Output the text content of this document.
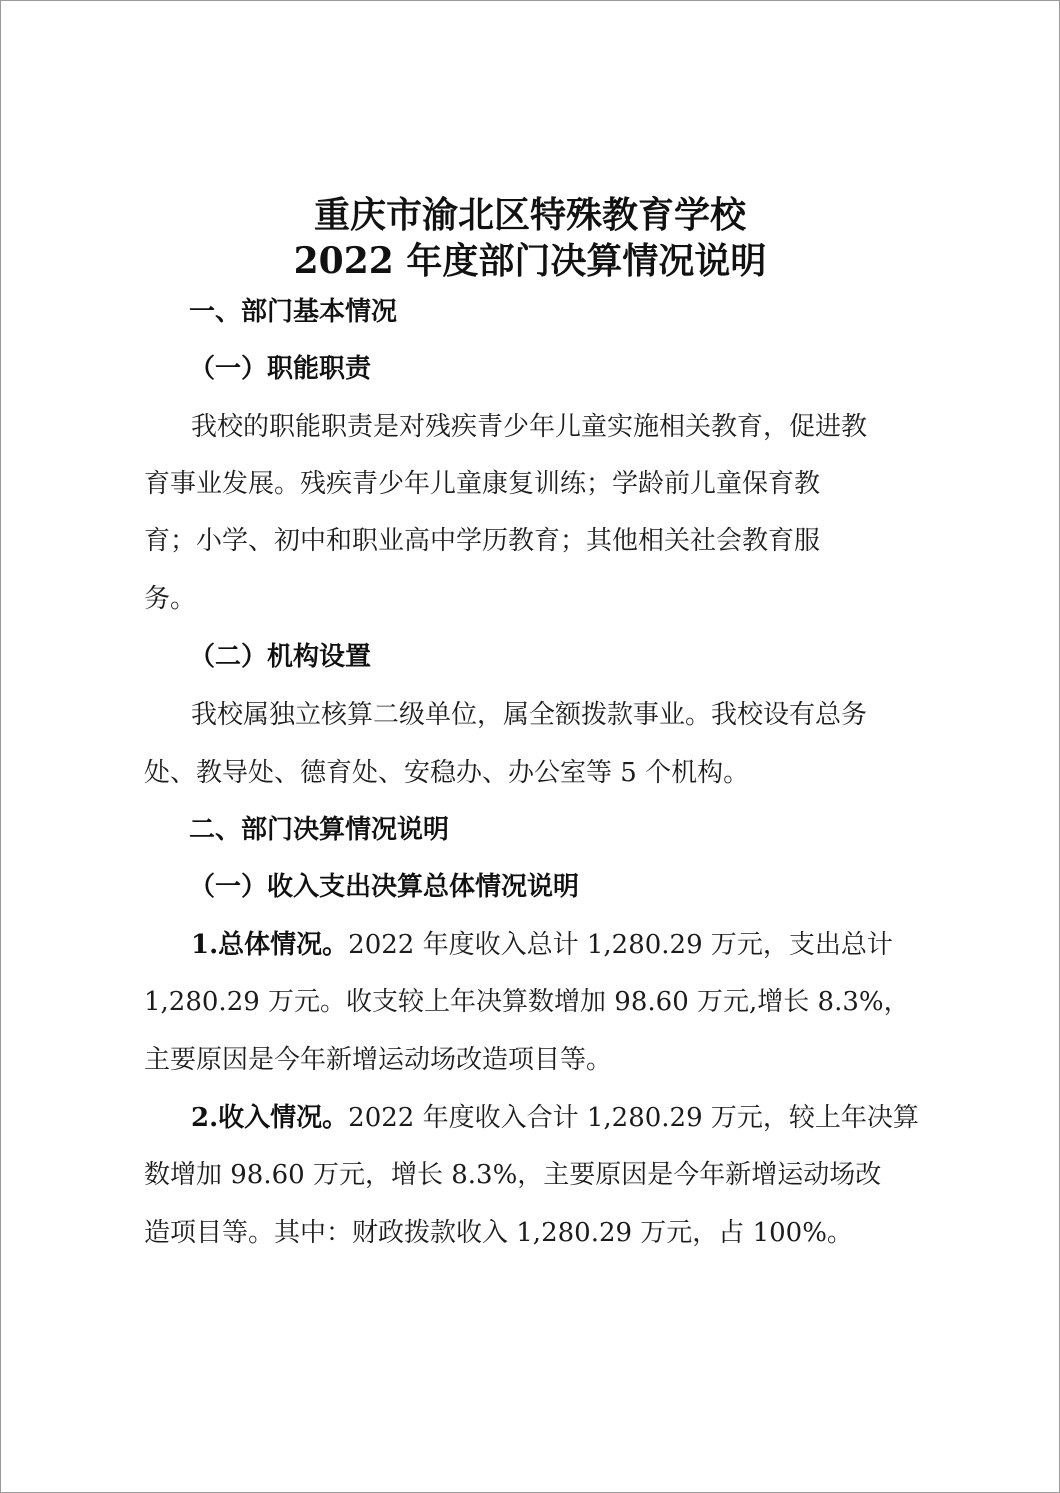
重庆市渝北区特殊教育学校
2022 年度部门决算情况说明
一、部门基本情况
（一）职能职责
我校的职能职责是对残疾青少年儿童实施相关教育，促进教
育事业发展。残疾青少年儿童康复训练；学龄前儿童保育教
育；小学、初中和职业高中学历教育；其他相关社会教育服
务。
（二）机构设置
我校属独立核算二级单位，属全额拨款事业。我校设有总务
处、教导处、德育处、安稳办、办公室等 5 个机构。
二、部门决算情况说明
（一）收入支出决算总体情况说明
1.总体情况。2022 年度收入总计 1,280.29 万元，支出总计
1,280.29 万元。收支较上年决算数增加 98.60 万元,增长 8.3%，
主要原因是今年新增运动场改造项目等。
2.收入情况。2022 年度收入合计 1,280.29 万元，较上年决算
数增加 98.60 万元，增长 8.3%，主要原因是今年新增运动场改
造项目等。其中：财政拨款收入 1,280.29 万元，占 100%。
